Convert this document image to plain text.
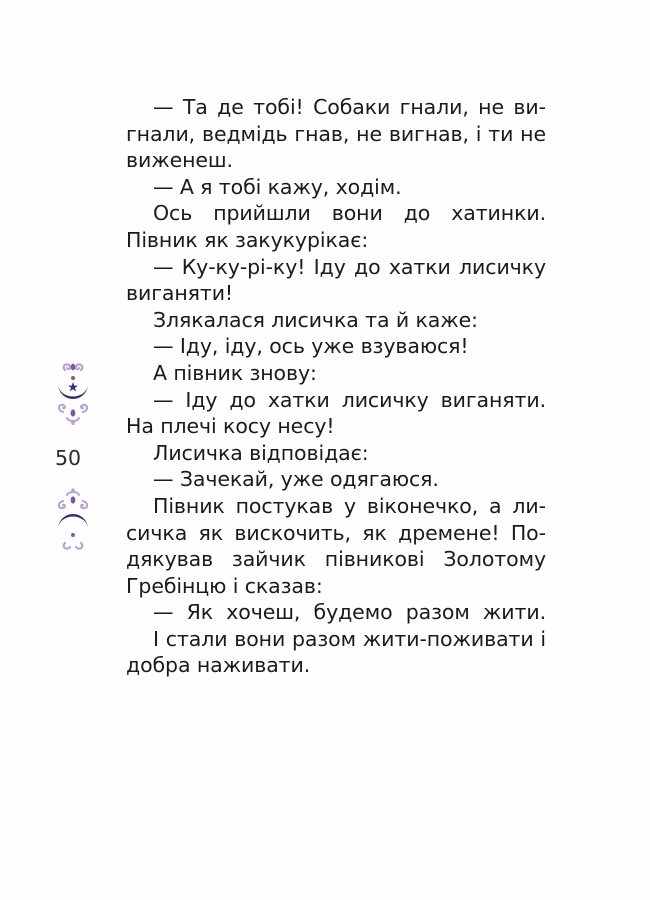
— Та де тобі! Собаки гнали, не вигнали, ведмідь гнав, не вигнав, і ти не виженеш.

— А я тобі кажу, ходім.

Ось прийшли вони до хатинки. Півник як закукурікає:

— Ку-ку-рі-ку! Іду до хатки лисичку виганяти!

Злякалася лисичка та й каже:

— Іду, іду, ось уже взуваюся!

А півник знову:

— Іду до хатки лисичку виганяти. На плечі косу несу!

Лисичка відповідає:

— Зачекай, уже одягаюся.

Півник постукав у віконечко, а лисичка як вискочить, як дремене! Подякував зайчик півникові Золотому Гребінцю і сказав:

— Як хочеш, будемо разом жити.

І стали вони разом жити-поживати і добра наживати.

50
